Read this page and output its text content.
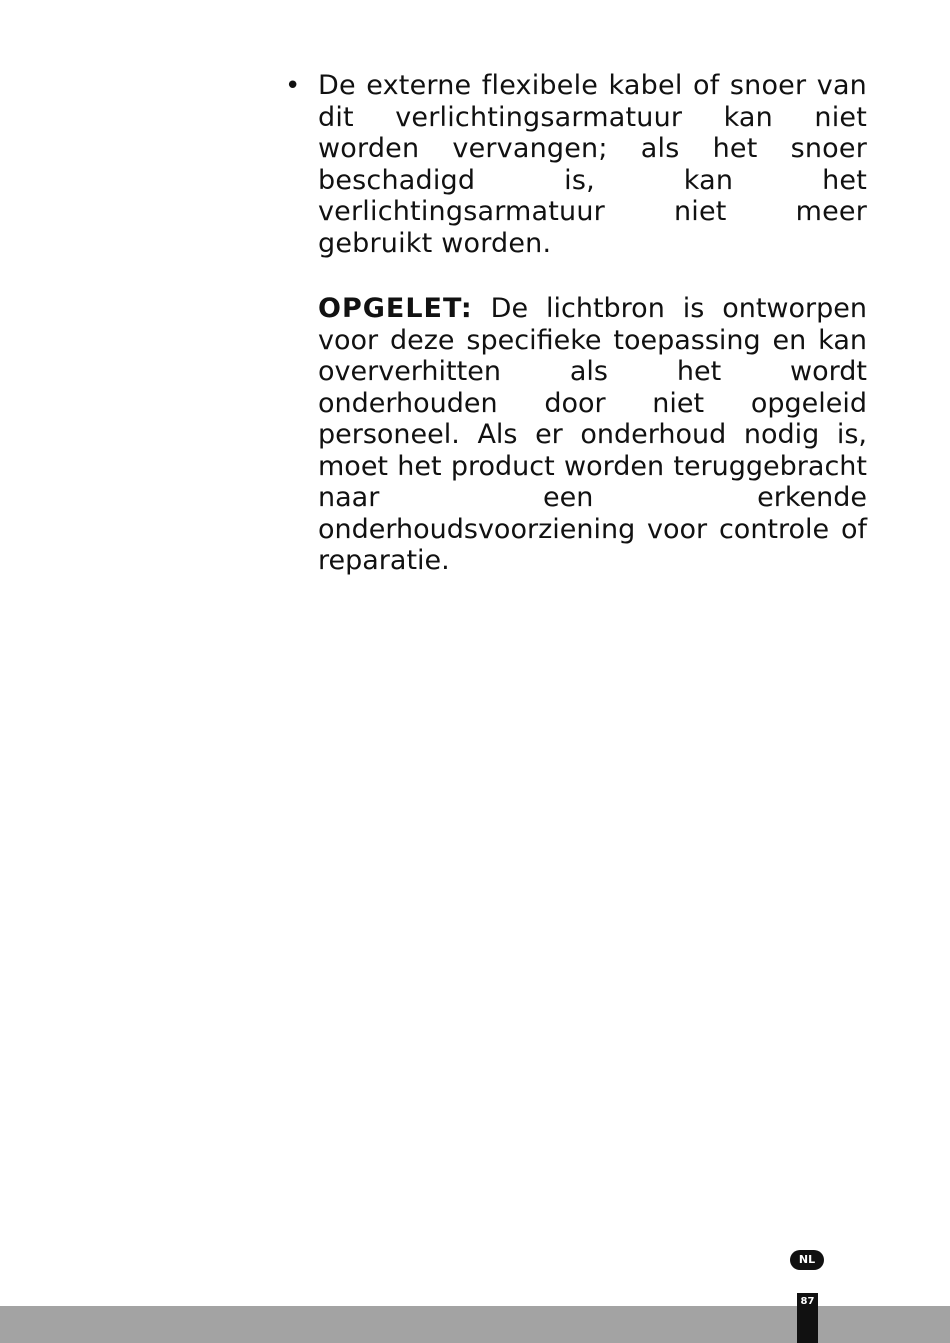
• De externe flexibele kabel of snoer van dit verlichtingsarmatuur kan niet worden vervangen; als het snoer beschadigd is, kan het verlichtingsarmatuur niet meer gebruikt worden.

OPGELET: De lichtbron is ontworpen voor deze specifieke toepassing en kan oververhitten als het wordt onderhouden door niet opgeleid personeel. Als er onderhoud nodig is, moet het product worden teruggebracht naar een erkende onderhoudsvoorziening voor controle of reparatie.

NL
87
